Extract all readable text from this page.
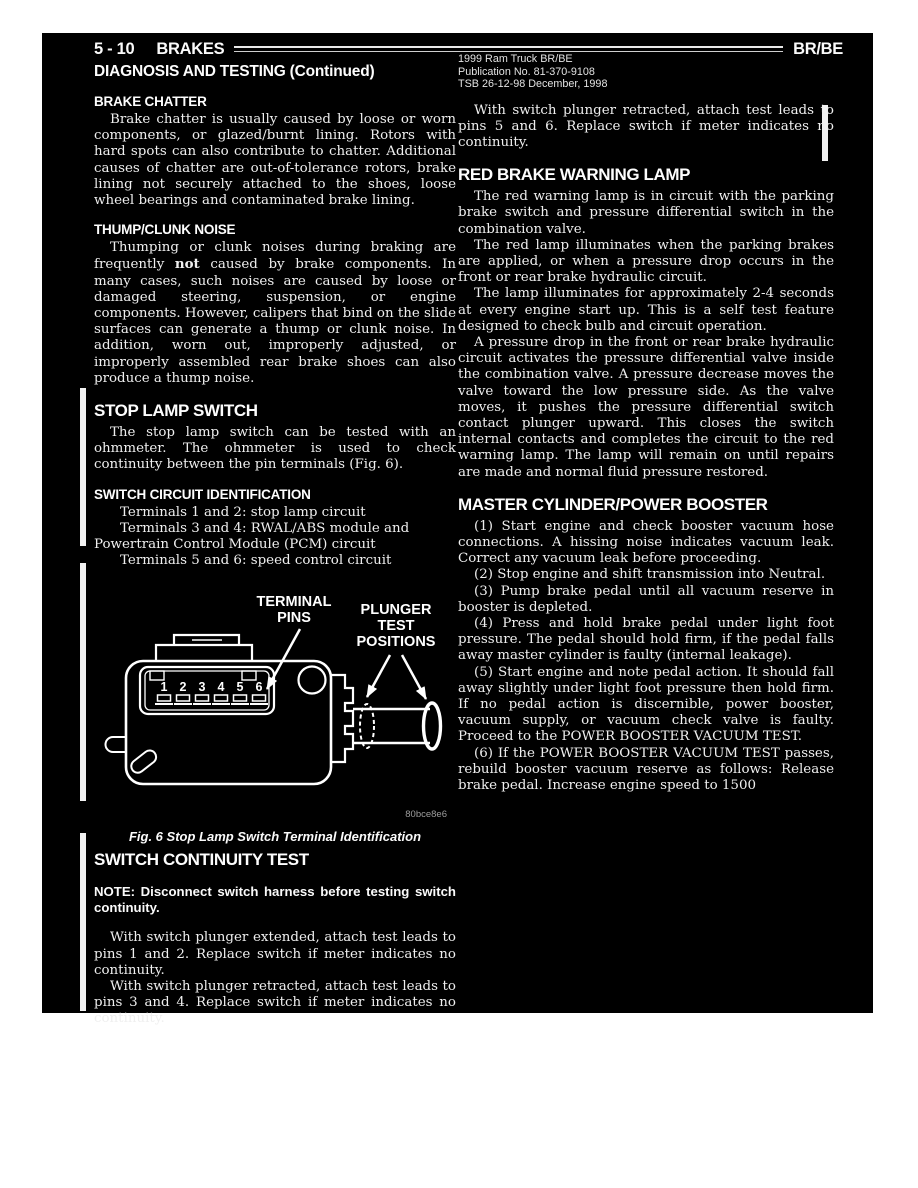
5 - 10 BRAKES	BR/BE
DIAGNOSIS AND TESTING (Continued)
BRAKE CHATTER

Brake chatter is usually caused by loose or worn components, or glazed/burnt lining. Rotors with hard spots can also contribute to chatter. Additional causes of chatter are out-of-tolerance rotors, brake lining not securely attached to the shoes, loose wheel bearings and contaminated brake lining.

THUMP/CLUNK NOISE

Thumping or clunk noises during braking are frequently not caused by brake components. In many cases, such noises are caused by loose or damaged steering, suspension, or engine components. However, calipers that bind on the slide surfaces can generate a thump or clunk noise. In addition, worn out, improperly adjusted, or improperly assembled rear brake shoes can also produce a thump noise.

STOP LAMP SWITCH

The stop lamp switch can be tested with an ohmmeter. The ohmmeter is used to check continuity between the pin terminals (Fig. 6).

SWITCH CIRCUIT IDENTIFICATION

Terminals 1 and 2: stop lamp circuit

Terminals 3 and 4: RWAL/ABS module and Powertrain Control Module (PCM) circuit

Terminals 5 and 6: speed control circuit

1 2 3 4 5 6
TERMINAL
PINS	PLUNGER
TEST
POSITIONS
80bce8e6

Fig. 6 Stop Lamp Switch Terminal Identification

SWITCH CONTINUITY TEST

NOTE: Disconnect switch harness before testing switch continuity.

With switch plunger extended, attach test leads to pins 1 and 2. Replace switch if meter indicates no continuity.

With switch plunger retracted, attach test leads to pins 3 and 4. Replace switch if meter indicates no continuity.

1999 Ram Truck BR/BE

Publication No. 81-370-9108

TSB 26-12-98 December, 1998

With switch plunger retracted, attach test leads to pins 5 and 6. Replace switch if meter indicates no continuity.

RED BRAKE WARNING LAMP

The red warning lamp is in circuit with the parking brake switch and pressure differential switch in the combination valve.

The red lamp illuminates when the parking brakes are applied, or when a pressure drop occurs in the front or rear brake hydraulic circuit.

The lamp illuminates for approximately 2-4 seconds at every engine start up. This is a self test feature designed to check bulb and circuit operation.

A pressure drop in the front or rear brake hydraulic circuit activates the pressure differential valve inside the combination valve. A pressure decrease moves the valve toward the low pressure side. As the valve moves, it pushes the pressure differential switch contact plunger upward. This closes the switch internal contacts and completes the circuit to the red warning lamp. The lamp will remain on until repairs are made and normal fluid pressure restored.

MASTER CYLINDER/POWER BOOSTER

(1) Start engine and check booster vacuum hose connections. A hissing noise indicates vacuum leak. Correct any vacuum leak before proceeding.

(2) Stop engine and shift transmission into Neutral.

(3) Pump brake pedal until all vacuum reserve in booster is depleted.

(4) Press and hold brake pedal under light foot pressure. The pedal should hold firm, if the pedal falls away master cylinder is faulty (internal leakage).

(5) Start engine and note pedal action. It should fall away slightly under light foot pressure then hold firm. If no pedal action is discernible, power booster, vacuum supply, or vacuum check valve is faulty. Proceed to the POWER BOOSTER VACUUM TEST.

(6) If the POWER BOOSTER VACUUM TEST passes, rebuild booster vacuum reserve as follows: Release brake pedal. Increase engine speed to 1500
